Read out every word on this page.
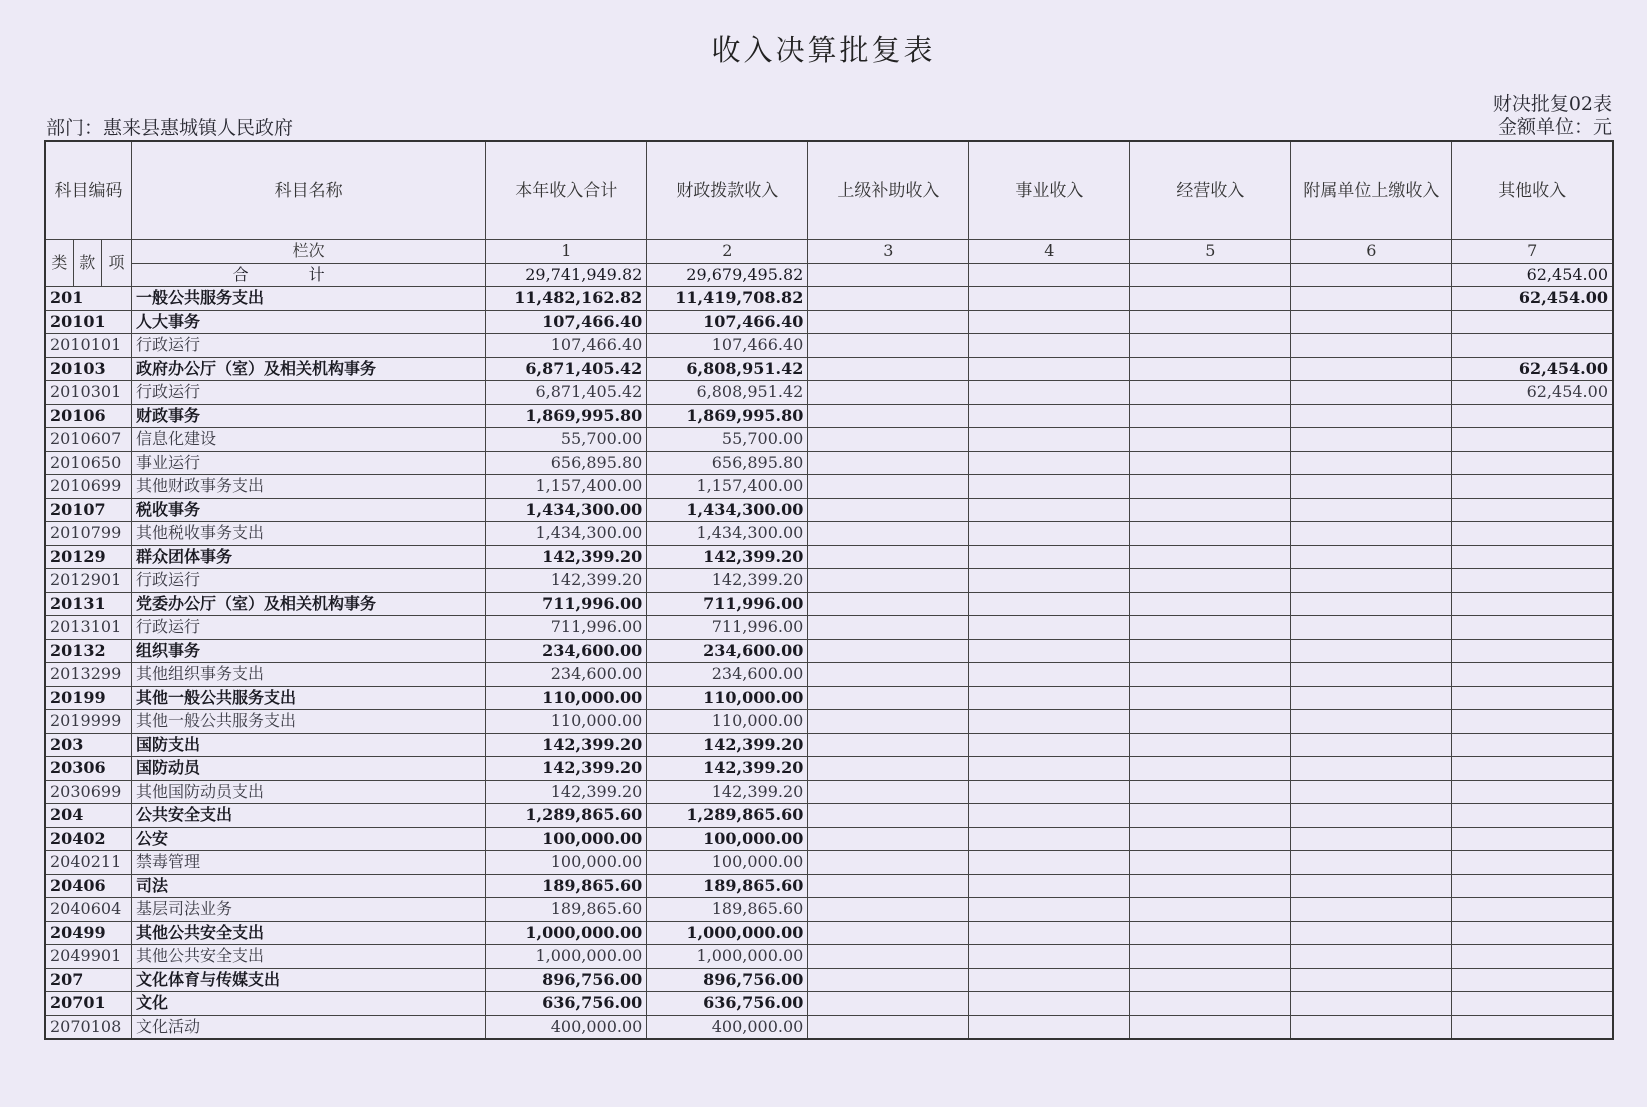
收入决算批复表
部门：惠来县惠城镇人民政府
财决批复02表
金额单位：元
科目编码			科目名称	本年收入合计	财政拨款收入	上级补助收入	事业收入	经营收入	附属单位上缴收入	其他收入
类	款	项	栏次	1	2	3	4	5	6	7
			合计	29,741,949.82	29,679,495.82					62,454.00
201			一般公共服务支出	11,482,162.82	11,419,708.82					62,454.00
20101			人大事务	107,466.40	107,466.40					
2010101			行政运行	107,466.40	107,466.40					
20103			政府办公厅（室）及相关机构事务	6,871,405.42	6,808,951.42					62,454.00
2010301			行政运行	6,871,405.42	6,808,951.42					62,454.00
20106			财政事务	1,869,995.80	1,869,995.80					
2010607			信息化建设	55,700.00	55,700.00					
2010650			事业运行	656,895.80	656,895.80					
2010699			其他财政事务支出	1,157,400.00	1,157,400.00					
20107			税收事务	1,434,300.00	1,434,300.00					
2010799			其他税收事务支出	1,434,300.00	1,434,300.00					
20129			群众团体事务	142,399.20	142,399.20					
2012901			行政运行	142,399.20	142,399.20					
20131			党委办公厅（室）及相关机构事务	711,996.00	711,996.00					
2013101			行政运行	711,996.00	711,996.00					
20132			组织事务	234,600.00	234,600.00					
2013299			其他组织事务支出	234,600.00	234,600.00					
20199			其他一般公共服务支出	110,000.00	110,000.00					
2019999			其他一般公共服务支出	110,000.00	110,000.00					
203			国防支出	142,399.20	142,399.20					
20306			国防动员	142,399.20	142,399.20					
2030699			其他国防动员支出	142,399.20	142,399.20					
204			公共安全支出	1,289,865.60	1,289,865.60					
20402			公安	100,000.00	100,000.00					
2040211			禁毒管理	100,000.00	100,000.00					
20406			司法	189,865.60	189,865.60					
2040604			基层司法业务	189,865.60	189,865.60					
20499			其他公共安全支出	1,000,000.00	1,000,000.00					
2049901			其他公共安全支出	1,000,000.00	1,000,000.00					
207			文化体育与传媒支出	896,756.00	896,756.00					
20701			文化	636,756.00	636,756.00					
2070108			文化活动	400,000.00	400,000.00					
